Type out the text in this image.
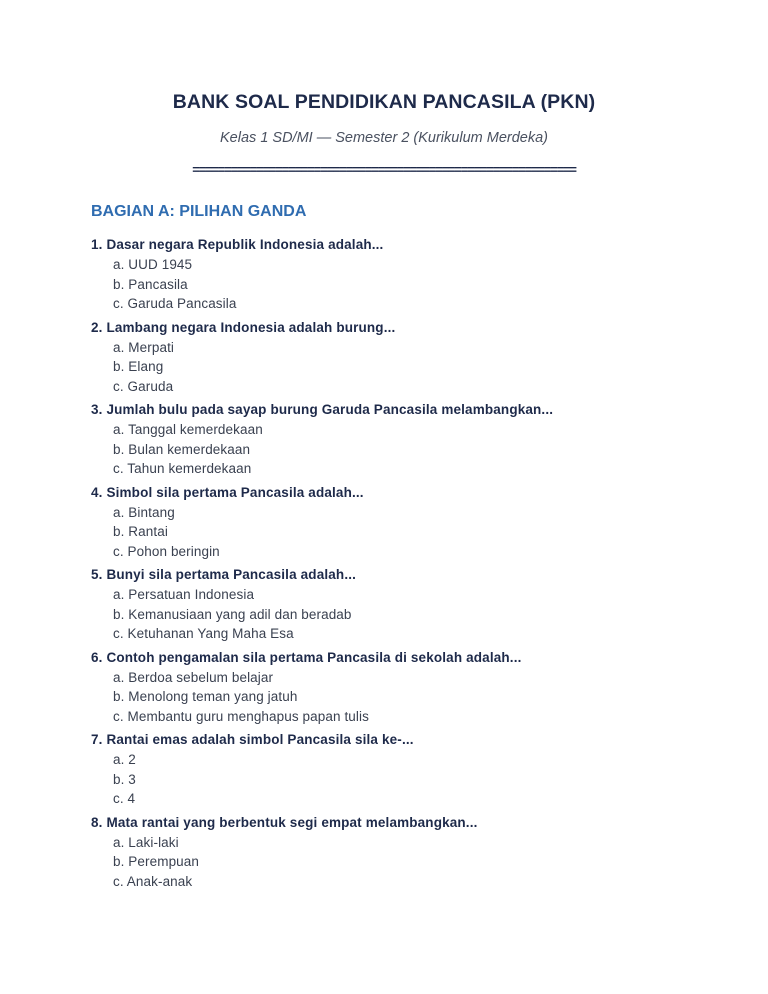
BANK SOAL PENDIDIKAN PANCASILA (PKN)
Kelas 1 SD/MI — Semester 2 (Kurikulum Merdeka)
============================================================
BAGIAN A: PILIHAN GANDA
1. Dasar negara Republik Indonesia adalah...
a. UUD 1945
b. Pancasila
c. Garuda Pancasila
2. Lambang negara Indonesia adalah burung...
a. Merpati
b. Elang
c. Garuda
3. Jumlah bulu pada sayap burung Garuda Pancasila melambangkan...
a. Tanggal kemerdekaan
b. Bulan kemerdekaan
c. Tahun kemerdekaan
4. Simbol sila pertama Pancasila adalah...
a. Bintang
b. Rantai
c. Pohon beringin
5. Bunyi sila pertama Pancasila adalah...
a. Persatuan Indonesia
b. Kemanusiaan yang adil dan beradab
c. Ketuhanan Yang Maha Esa
6. Contoh pengamalan sila pertama Pancasila di sekolah adalah...
a. Berdoa sebelum belajar
b. Menolong teman yang jatuh
c. Membantu guru menghapus papan tulis
7. Rantai emas adalah simbol Pancasila sila ke-...
a. 2
b. 3
c. 4
8. Mata rantai yang berbentuk segi empat melambangkan...
a. Laki-laki
b. Perempuan
c. Anak-anak
